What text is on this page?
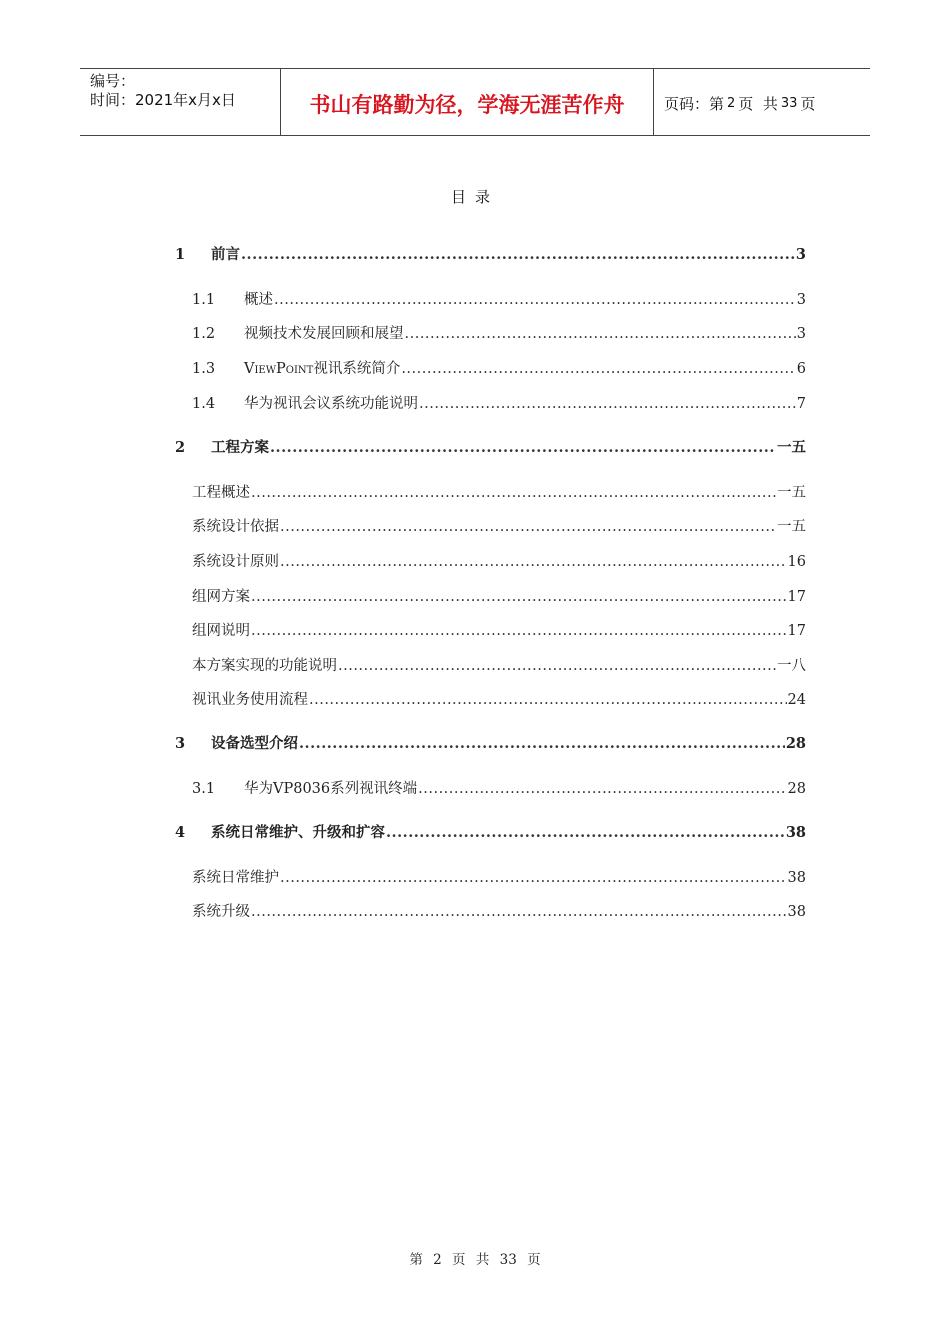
编号：
时间：2021年x月x日	书山有路勤为径，学海无涯苦作舟	页码：第 2 页  共 33 页
目录
1	前言 .....	3
1.1	概述 .....	3
1.2	视频技术发展回顾和展望 .....	3
1.3	ViewPoint视讯系统简介 .....	6
1.4	华为视讯会议系统功能说明 .....	7
2	工程方案 .....	一五
工程概述 .....	一五
系统设计依据 .....	一五
系统设计原则 .....	16
组网方案 .....	17
组网说明 .....	17
本方案实现的功能说明 .....	一八
视讯业务使用流程 .....	24
3	设备选型介绍 .....	28
3.1	华为VP8036系列视讯终端 .....	28
4	系统日常维护、升级和扩容 .....	38
系统日常维护 .....	38
系统升级 .....	38
第 2 页 共 33 页
